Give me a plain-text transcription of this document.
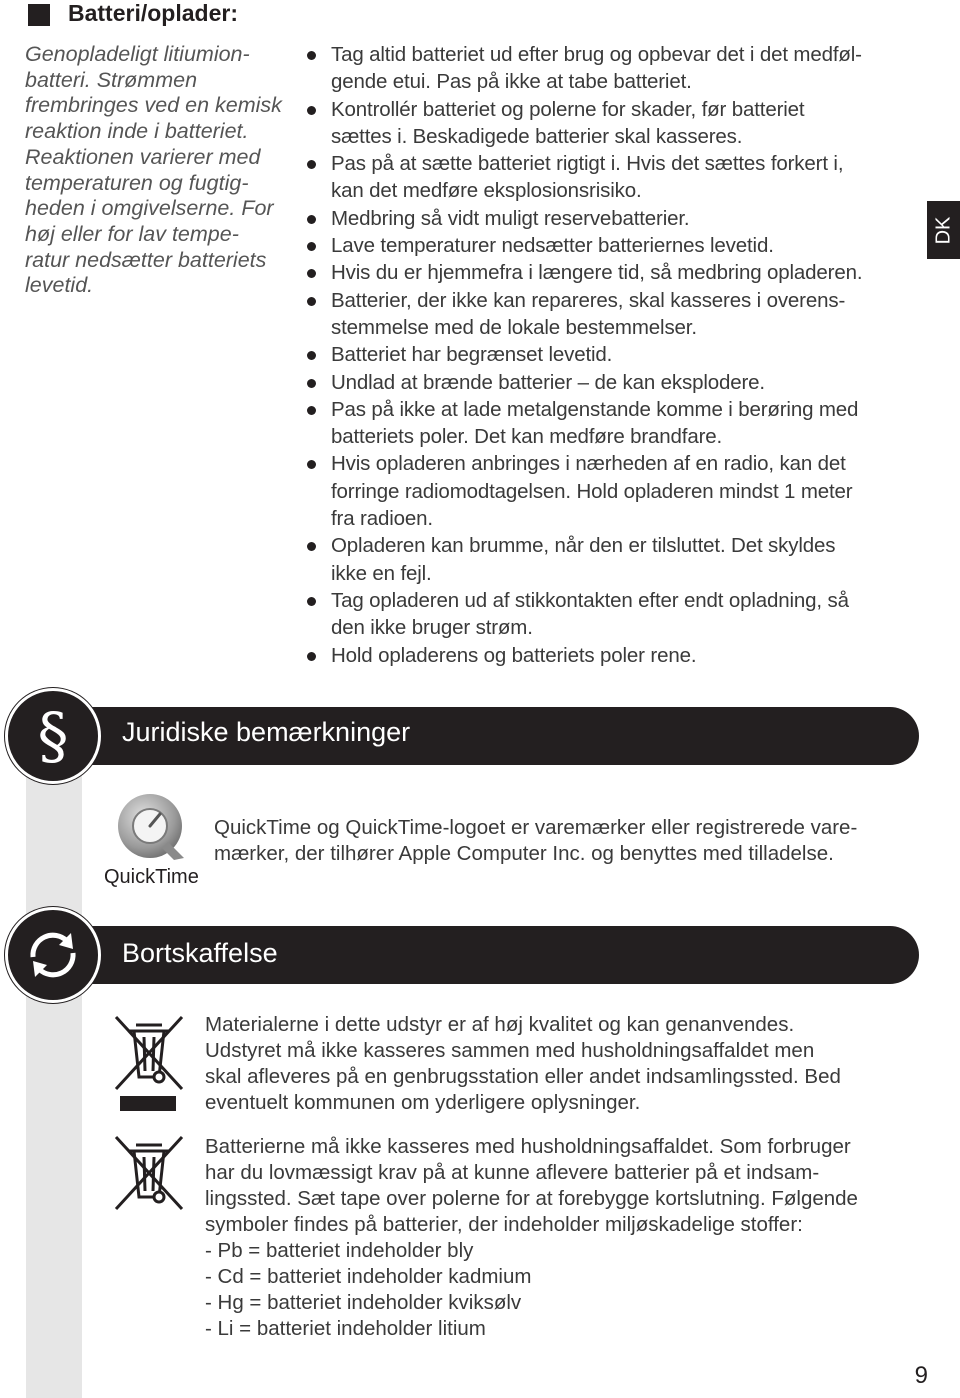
Batteri/oplader:
Genopladeligt litiumion-
batteri. Strømmen
frembringes ved en kemisk
reaktion inde i batteriet.
Reaktionen varierer med
temperaturen og fugtig-
heden i omgivelserne. For
høj eller for lav tempe-
ratur nedsætter batteriets
levetid.
Tag altid batteriet ud efter brug og opbevar det i det medføl-
gende etui. Pas på ikke at tabe batteriet.
Kontrollér batteriet og polerne for skader, før batteriet
sættes i. Beskadigede batterier skal kasseres.
Pas på at sætte batteriet rigtigt i. Hvis det sættes forkert i,
kan det medføre eksplosionsrisiko.
Medbring så vidt muligt reservebatterier.
Lave temperaturer nedsætter batteriernes levetid.
Hvis du er hjemmefra i længere tid, så medbring opladeren.
Batterier, der ikke kan repareres, skal kasseres i overens-
stemmelse med de lokale bestemmelser.
Batteriet har begrænset levetid.
Undlad at brænde batterier – de kan eksplodere.
Pas på ikke at lade metalgenstande komme i berøring med
batteriets poler. Det kan medføre brandfare.
Hvis opladeren anbringes i nærheden af en radio, kan det
forringe radiomodtagelsen. Hold opladeren mindst 1 meter
fra radioen.
Opladeren kan brumme, når den er tilsluttet. Det skyldes
ikke en fejl.
Tag opladeren ud af stikkontakten efter endt opladning, så
den ikke bruger strøm.
Hold opladerens og batteriets poler rene.
DK
§ Juridiske bemærkninger
QuickTime
QuickTime og QuickTime-logoet er varemærker eller registrerede vare-
mærker, der tilhører Apple Computer Inc. og benyttes med tilladelse.
Bortskaffelse
Materialerne i dette udstyr er af høj kvalitet og kan genanvendes.
Udstyret må ikke kasseres sammen med husholdningsaffaldet men
skal afleveres på en genbrugsstation eller andet indsamlingssted. Bed
eventuelt kommunen om yderligere oplysninger.
Batterierne må ikke kasseres med husholdningsaffaldet. Som forbruger
har du lovmæssigt krav på at kunne aflevere batterier på et indsam-
lingssted. Sæt tape over polerne for at forebygge kortslutning. Følgende
symboler findes på batterier, der indeholder miljøskadelige stoffer:
- Pb = batteriet indeholder bly
- Cd = batteriet indeholder kadmium
- Hg = batteriet indeholder kviksølv
- Li = batteriet indeholder litium
9
